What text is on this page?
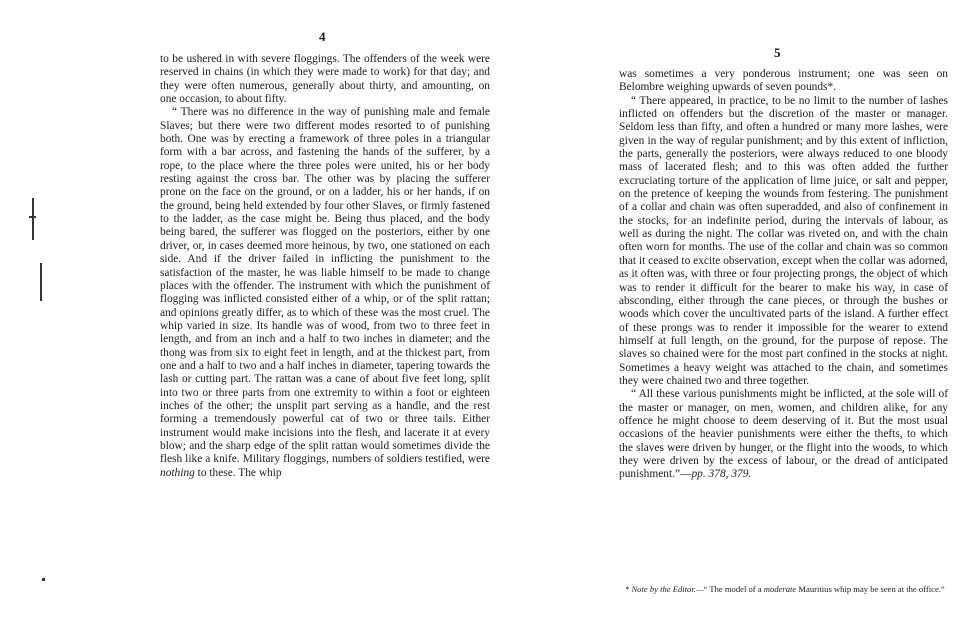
4

to be ushered in with severe floggings. The offenders of the week were reserved in chains (in which they were made to work) for that day; and they were often numerous, generally about thirty, and amounting, on one occasion, to about fifty.

“ There was no difference in the way of punishing male and female Slaves; but there were two different modes resorted to of punishing both. One was by erecting a framework of three poles in a triangular form with a bar across, and fastening the hands of the sufferer, by a rope, to the place where the three poles were united, his or her body resting against the cross bar. The other was by placing the sufferer prone on the face on the ground, or on a ladder, his or her hands, if on the ground, being held extended by four other Slaves, or firmly fastened to the ladder, as the case might be. Being thus placed, and the body being bared, the sufferer was flogged on the posteriors, either by one driver, or, in cases deemed more heinous, by two, one stationed on each side. And if the driver failed in inflicting the punishment to the satisfaction of the master, he was liable himself to be made to change places with the offender. The instrument with which the punishment of flogging was inflicted consisted either of a whip, or of the split rattan; and opinions greatly differ, as to which of these was the most cruel. The whip varied in size. Its handle was of wood, from two to three feet in length, and from an inch and a half to two inches in diameter; and the thong was from six to eight feet in length, and at the thickest part, from one and a half to two and a half inches in diameter, tapering towards the lash or cutting part. The rattan was a cane of about five feet long, split into two or three parts from one extremity to within a foot or eighteen inches of the other; the unsplit part serving as a handle, and the rest forming a tremendously powerful cat of two or three tails. Either instrument would make incisions into the flesh, and lacerate it at every blow; and the sharp edge of the split rattan would sometimes divide the flesh like a knife. Military floggings, numbers of soldiers testified, were nothing to these. The whip

5

was sometimes a very ponderous instrument; one was seen on Belombre weighing upwards of seven pounds*.

“ There appeared, in practice, to be no limit to the number of lashes inflicted on offenders but the discretion of the master or manager. Seldom less than fifty, and often a hundred or many more lashes, were given in the way of regular punishment; and by this extent of infliction, the parts, generally the posteriors, were always reduced to one bloody mass of lacerated flesh; and to this was often added the further excruciating torture of the application of lime juice, or salt and pepper, on the pretence of keeping the wounds from festering. The punishment of a collar and chain was often superadded, and also of confinement in the stocks, for an indefinite period, during the intervals of labour, as well as during the night. The collar was riveted on, and with the chain often worn for months. The use of the collar and chain was so common that it ceased to excite observation, except when the collar was adorned, as it often was, with three or four projecting prongs, the object of which was to render it difficult for the bearer to make his way, in case of absconding, either through the cane pieces, or through the bushes or woods which cover the uncultivated parts of the island. A further effect of these prongs was to render it impossible for the wearer to extend himself at full length, on the ground, for the purpose of repose. The slaves so chained were for the most part confined in the stocks at night. Sometimes a heavy weight was attached to the chain, and sometimes they were chained two and three together.

“ All these various punishments might be inflicted, at the sole will of the master or manager, on men, women, and children alike, for any offence he might choose to deem deserving of it. But the most usual occasions of the heavier punishments were either the thefts, to which the slaves were driven by hunger, or the flight into the woods, to which they were driven by the excess of labour, or the dread of anticipated punishment.”—pp. 378, 379.

* Note by the Editor.—“ The model of a moderate Mauritius whip may be seen at the office.”
